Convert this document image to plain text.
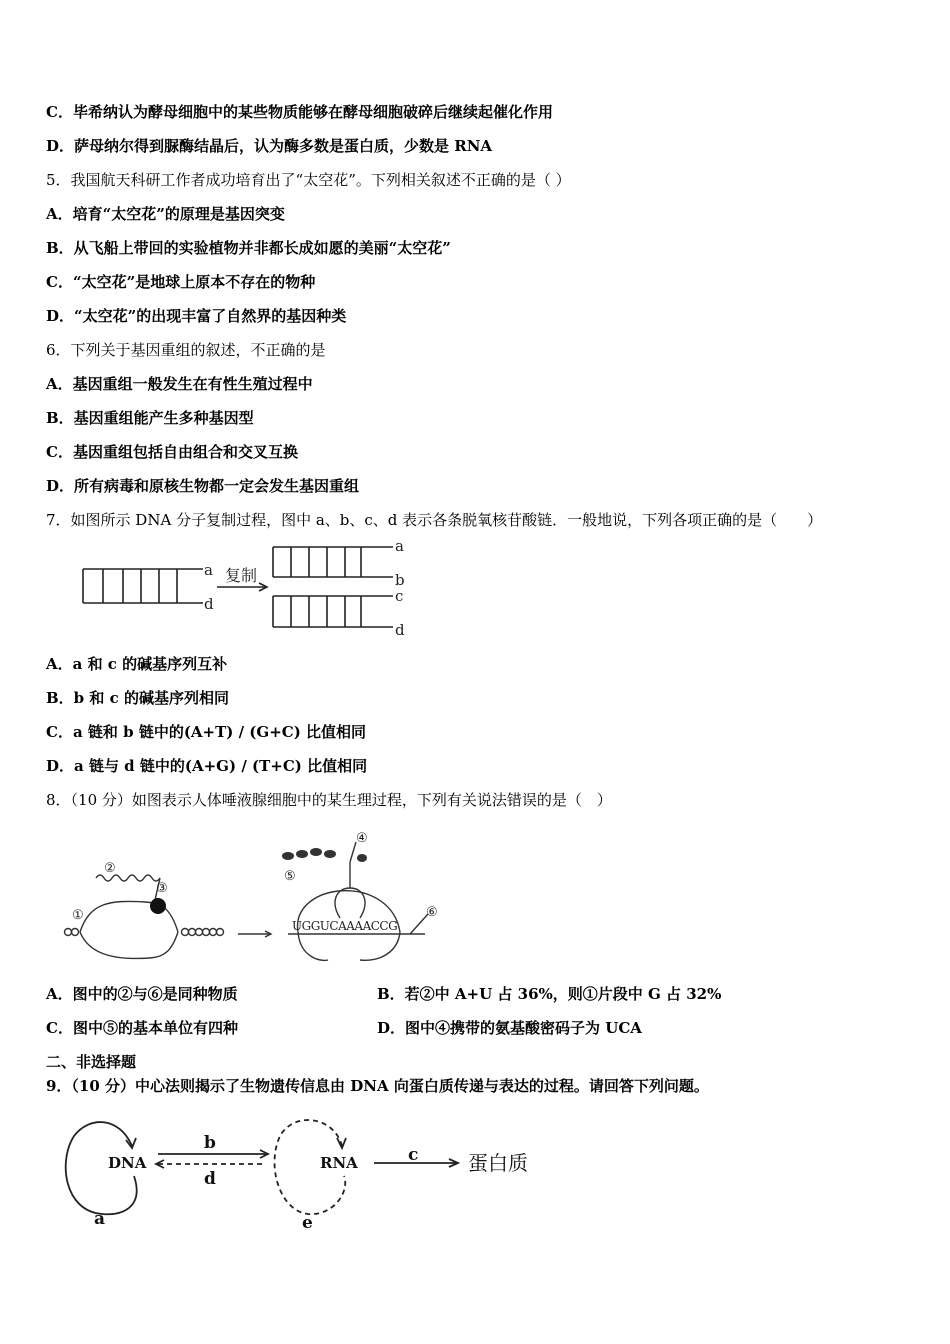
C．毕希纳认为酵母细胞中的某些物质能够在酵母细胞破碎后继续起催化作用
D．萨母纳尔得到脲酶结晶后，认为酶多数是蛋白质，少数是 RNA
5．我国航天科研工作者成功培育出了“太空花”。下列相关叙述不正确的是（ ）
A．培育“太空花”的原理是基因突变
B．从飞船上带回的实验植物并非都长成如愿的美丽“太空花”
C．“太空花”是地球上原本不存在的物种
D．“太空花”的出现丰富了自然界的基因种类
6．下列关于基因重组的叙述，不正确的是
A．基因重组一般发生在有性生殖过程中
B．基因重组能产生多种基因型
C．基因重组包括自由组合和交叉互换
D．所有病毒和原核生物都一定会发生基因重组
7．如图所示 DNA 分子复制过程，图中 a、b、c、d 表示各条脱氧核苷酸链．一般地说，下列各项正确的是（　　）
a
d
复制
a
b
c
d
A．a 和 c 的碱基序列互补
B．b 和 c 的碱基序列相同
C．a 链和 b 链中的(A+T) / (G+C) 比值相同
D．a 链与 d 链中的(A+G) / (T+C) 比值相同
8．（10 分）如图表示人体唾液腺细胞中的某生理过程，下列有关说法错误的是（　）
①
②
③
④
⑤
⑥
UGGUCAAAACCG
A．图中的②与⑥是同种物质	B．若②中 A+U 占 36%，则①片段中 G 占 32%
C．图中⑤的基本单位有四种	D．图中④携带的氨基酸密码子为 UCA
二、非选择题
9．（10 分）中心法则揭示了生物遗传信息由 DNA 向蛋白质传递与表达的过程。请回答下列问题。
DNA	RNA	蛋白质
a
b
c
d
e
